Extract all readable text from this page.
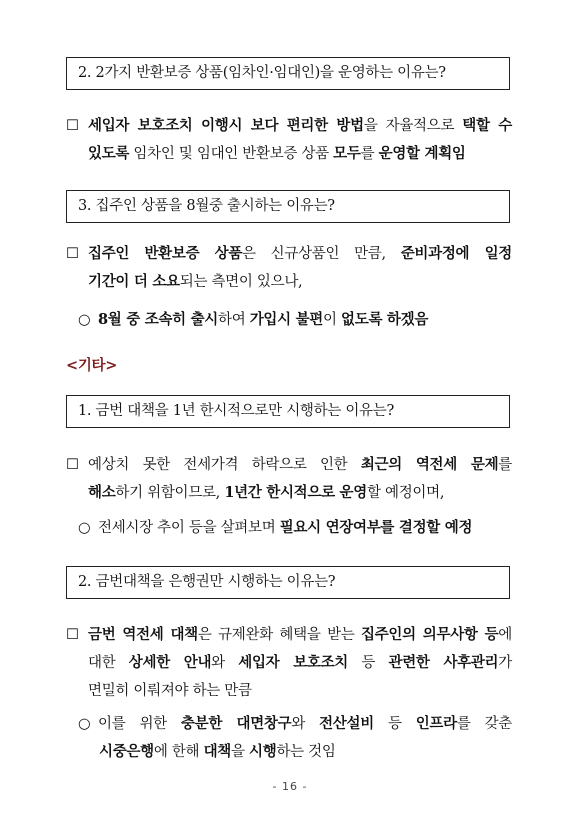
2. 2가지 반환보증 상품(임차인·임대인)을 운영하는 이유는?
☐ 세입자 보호조치 이행시 보다 편리한 방법을 자율적으로 택할 수
있도록 임차인 및 임대인 반환보증 상품 모두를 운영할 계획임
3. 집주인 상품을 8월중 출시하는 이유는?
☐ 집주인 반환보증 상품은 신규상품인 만큼, 준비과정에 일정
기간이 더 소요되는 측면이 있으나,
○ 8월 중 조속히 출시하여 가입시 불편이 없도록 하겠음
<기타>
1. 금번 대책을 1년 한시적으로만 시행하는 이유는?
☐ 예상치 못한 전세가격 하락으로 인한 최근의 역전세 문제를
해소하기 위함이므로, 1년간 한시적으로 운영할 예정이며,
○ 전세시장 추이 등을 살펴보며 필요시 연장여부를 결정할 예정
2. 금번대책을 은행권만 시행하는 이유는?
☐ 금번 역전세 대책은 규제완화 혜택을 받는 집주인의 의무사항 등에
대한 상세한 안내와 세입자 보호조치 등 관련한 사후관리가
면밀히 이뤄져야 하는 만큼
○ 이를 위한 충분한 대면창구와 전산설비 등 인프라를 갖춘
시중은행에 한해 대책을 시행하는 것임
- 16 -
